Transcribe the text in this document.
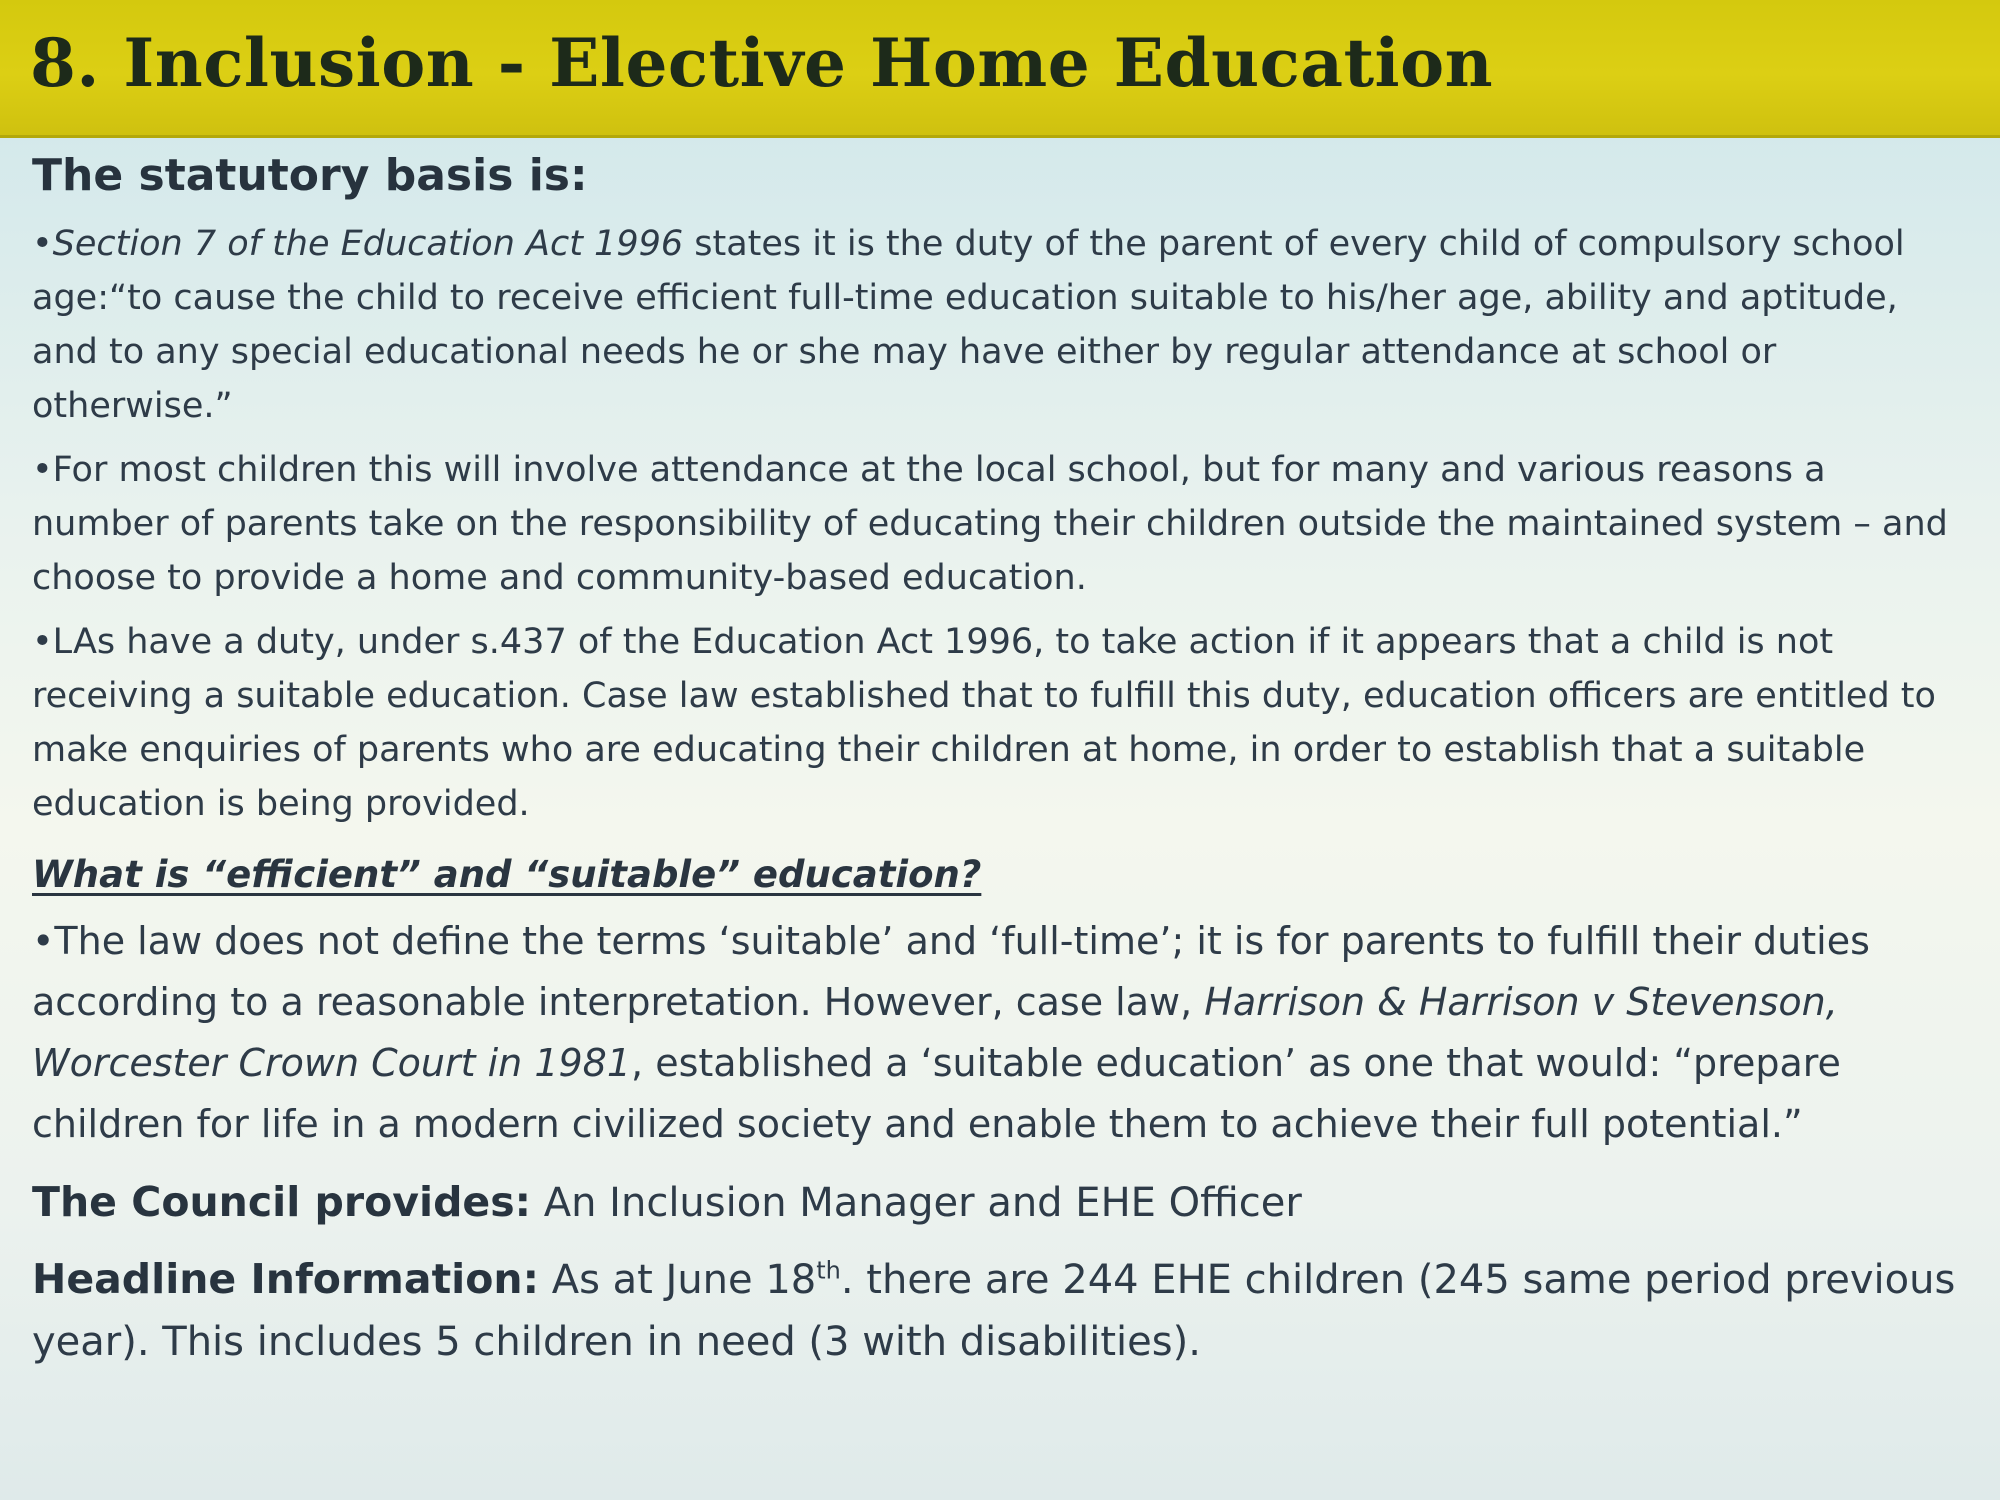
8. Inclusion - Elective Home Education

The statutory basis is:

•Section 7 of the Education Act 1996 states it is the duty of the parent of every child of compulsory school age:“to cause the child to receive efficient full-time education suitable to his/her age, ability and aptitude, and to any special educational needs he or she may have either by regular attendance at school or otherwise.”

•For most children this will involve attendance at the local school, but for many and various reasons a number of parents take on the responsibility of educating their children outside the maintained system – and choose to provide a home and community-based education.

•LAs have a duty, under s.437 of the Education Act 1996, to take action if it appears that a child is not receiving a suitable education. Case law established that to fulfill this duty, education officers are entitled to make enquiries of parents who are educating their children at home, in order to establish that a suitable education is being provided.

What is “efficient” and “suitable” education?

•The law does not define the terms ‘suitable’ and ‘full-time’; it is for parents to fulfill their duties according to a reasonable interpretation. However, case law, Harrison & Harrison v Stevenson, Worcester Crown Court in 1981, established a ‘suitable education’ as one that would: “prepare children for life in a modern civilized society and enable them to achieve their full potential.”

The Council provides: An Inclusion Manager and EHE Officer

Headline Information: As at June 18th. there are 244 EHE children (245 same period previous year). This includes 5 children in need (3 with disabilities).
